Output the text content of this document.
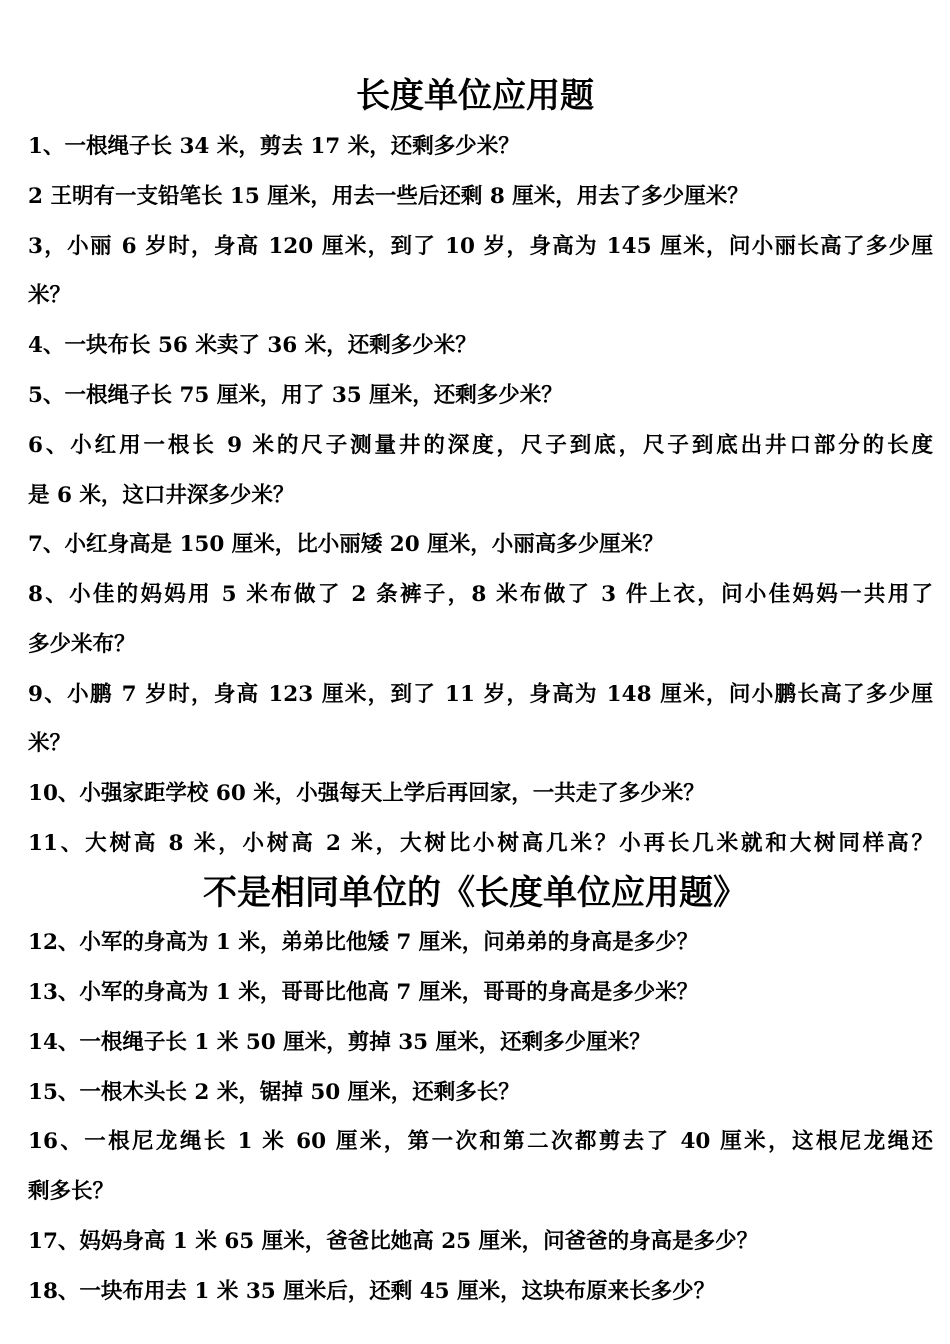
长度单位应用题
1、一根绳子长 34 米，剪去 17 米，还剩多少米？
2 王明有一支铅笔长 15 厘米，用去一些后还剩 8 厘米，用去了多少厘米？
3，小丽 6 岁时，身高 120 厘米，到了 10 岁，身高为 145 厘米，问小丽长高了多少厘
米？
4、一块布长 56 米卖了 36 米，还剩多少米？
5、一根绳子长 75 厘米，用了 35 厘米，还剩多少米？
6、小红用一根长 9 米的尺子测量井的深度，尺子到底，尺子到底出井口部分的长度
是 6 米，这口井深多少米？
7、小红身高是 150 厘米，比小丽矮 20 厘米，小丽高多少厘米？
8、小佳的妈妈用 5 米布做了 2 条裤子，8 米布做了 3 件上衣，问小佳妈妈一共用了
多少米布？
9、小鹏 7 岁时，身高 123 厘米，到了 11 岁，身高为 148 厘米，问小鹏长高了多少厘
米？
10、小强家距学校 60 米，小强每天上学后再回家，一共走了多少米？
11、大树高 8 米，小树高 2 米，大树比小树高几米？小再长几米就和大树同样高？
不是相同单位的《长度单位应用题》
12、小军的身高为 1 米，弟弟比他矮 7 厘米，问弟弟的身高是多少？
13、小军的身高为 1 米，哥哥比他高 7 厘米，哥哥的身高是多少米？
14、一根绳子长 1 米 50 厘米，剪掉 35 厘米，还剩多少厘米？
15、一根木头长 2 米，锯掉 50 厘米，还剩多长？
16、一根尼龙绳长 1 米 60 厘米，第一次和第二次都剪去了 40 厘米，这根尼龙绳还
剩多长？
17、妈妈身高 1 米 65 厘米，爸爸比她高 25 厘米，问爸爸的身高是多少？
18、一块布用去 1 米 35 厘米后，还剩 45 厘米，这块布原来长多少？
